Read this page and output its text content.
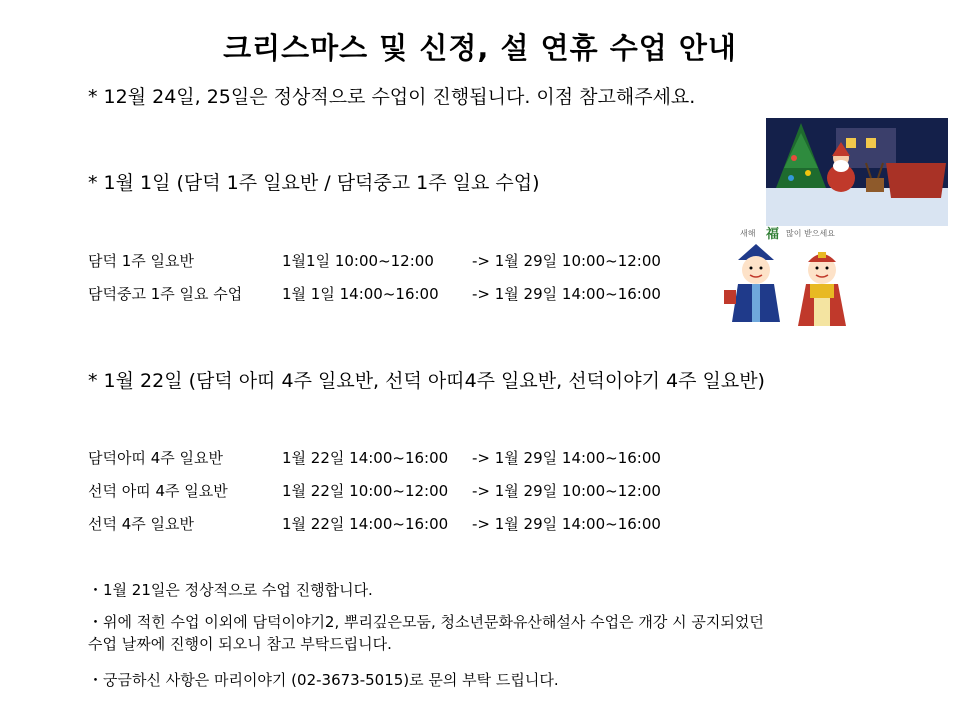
크리스마스 및 신정, 설 연휴 수업 안내
* 12월 24일, 25일은 정상적으로 수업이 진행됩니다. 이점 참고해주세요.
* 1월 1일 (담덕 1주 일요반 / 담덕중고 1주 일요 수업)
담덕 1주 일요반	1월1일 10:00~12:00	-> 1월 29일 10:00~12:00
담덕중고 1주 일요 수업	1월 1일 14:00~16:00 -> 1월 29일 14:00~16:00
* 1월 22일 (담덕 아띠 4주 일요반, 선덕 아띠4주 일요반, 선덕이야기 4주 일요반)
담덕아띠 4주 일요반	1월 22일 14:00~16:00 -> 1월 29일 14:00~16:00
선덕 아띠 4주 일요반	1월 22일 10:00~12:00 -> 1월 29일 10:00~12:00
선덕 4주 일요반	1월 22일 14:00~16:00 -> 1월 29일 14:00~16:00
・1월 21일은 정상적으로 수업 진행합니다.
・위에 적힌 수업 이외에 담덕이야기2, 뿌리깊은모둠, 청소년문화유산해설사 수업은 개강 시 공지되었던
수업 날짜에 진행이 되오니 참고 부탁드립니다.
・궁금하신 사항은 마리이야기 (02-3673-5015)로 문의 부탁 드립니다.
새해 福 많이 받으세요
